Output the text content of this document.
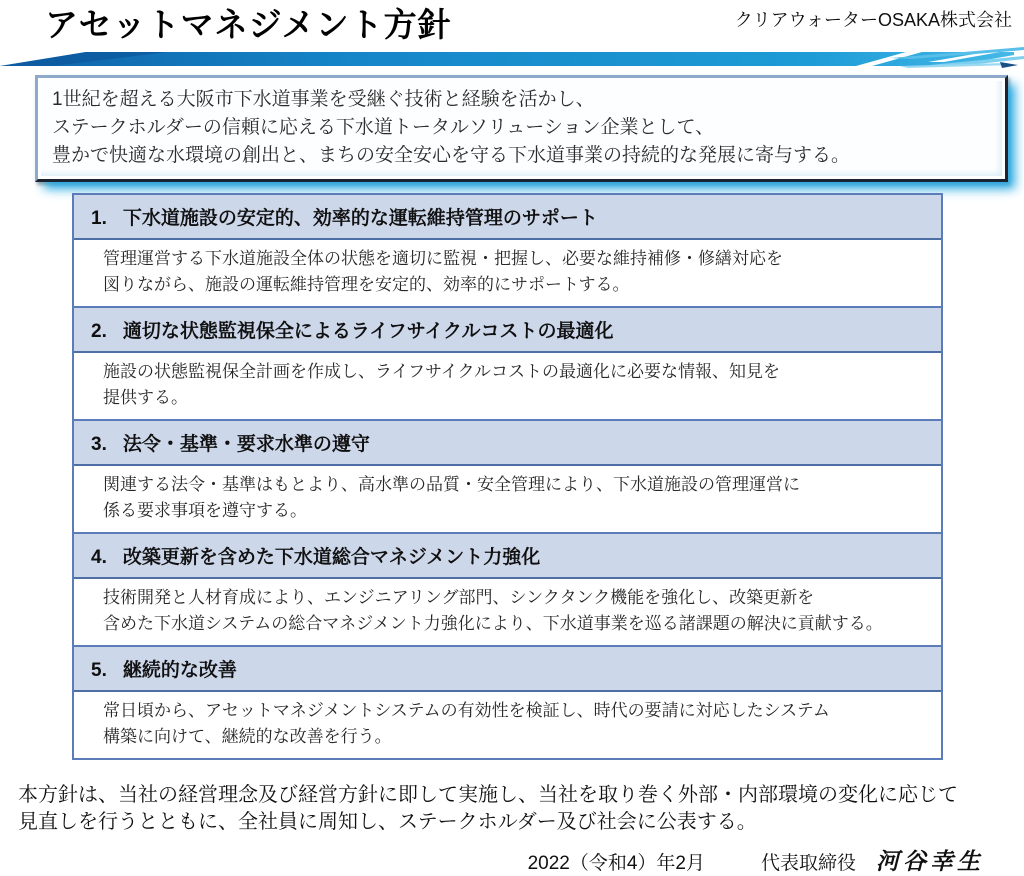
アセットマネジメント方針	クリアウォーターOSAKA株式会社
1世紀を超える大阪市下水道事業を受継ぐ技術と経験を活かし、
ステークホルダーの信頼に応える下水道トータルソリューション企業として、
豊かで快適な水環境の創出と、まちの安全安心を守る下水道事業の持続的な発展に寄与する。
1. 下水道施設の安定的、効率的な運転維持管理のサポート
管理運営する下水道施設全体の状態を適切に監視・把握し、必要な維持補修・修繕対応を
図りながら、施設の運転維持管理を安定的、効率的にサポートする。
2. 適切な状態監視保全によるライフサイクルコストの最適化
施設の状態監視保全計画を作成し、ライフサイクルコストの最適化に必要な情報、知見を
提供する。
3. 法令・基準・要求水準の遵守
関連する法令・基準はもとより、高水準の品質・安全管理により、下水道施設の管理運営に
係る要求事項を遵守する。
4. 改築更新を含めた下水道総合マネジメント力強化
技術開発と人材育成により、エンジニアリング部門、シンクタンク機能を強化し、改築更新を
含めた下水道システムの総合マネジメント力強化により、下水道事業を巡る諸課題の解決に貢献する。
5. 継続的な改善
常日頃から、アセットマネジメントシステムの有効性を検証し、時代の要請に対応したシステム
構築に向けて、継続的な改善を行う。
本方針は、当社の経営理念及び経営方針に即して実施し、当社を取り巻く外部・内部環境の変化に応じて
見直しを行うとともに、全社員に周知し、ステークホルダー及び社会に公表する。
2022（令和4）年2月	代表取締役 河谷幸生
